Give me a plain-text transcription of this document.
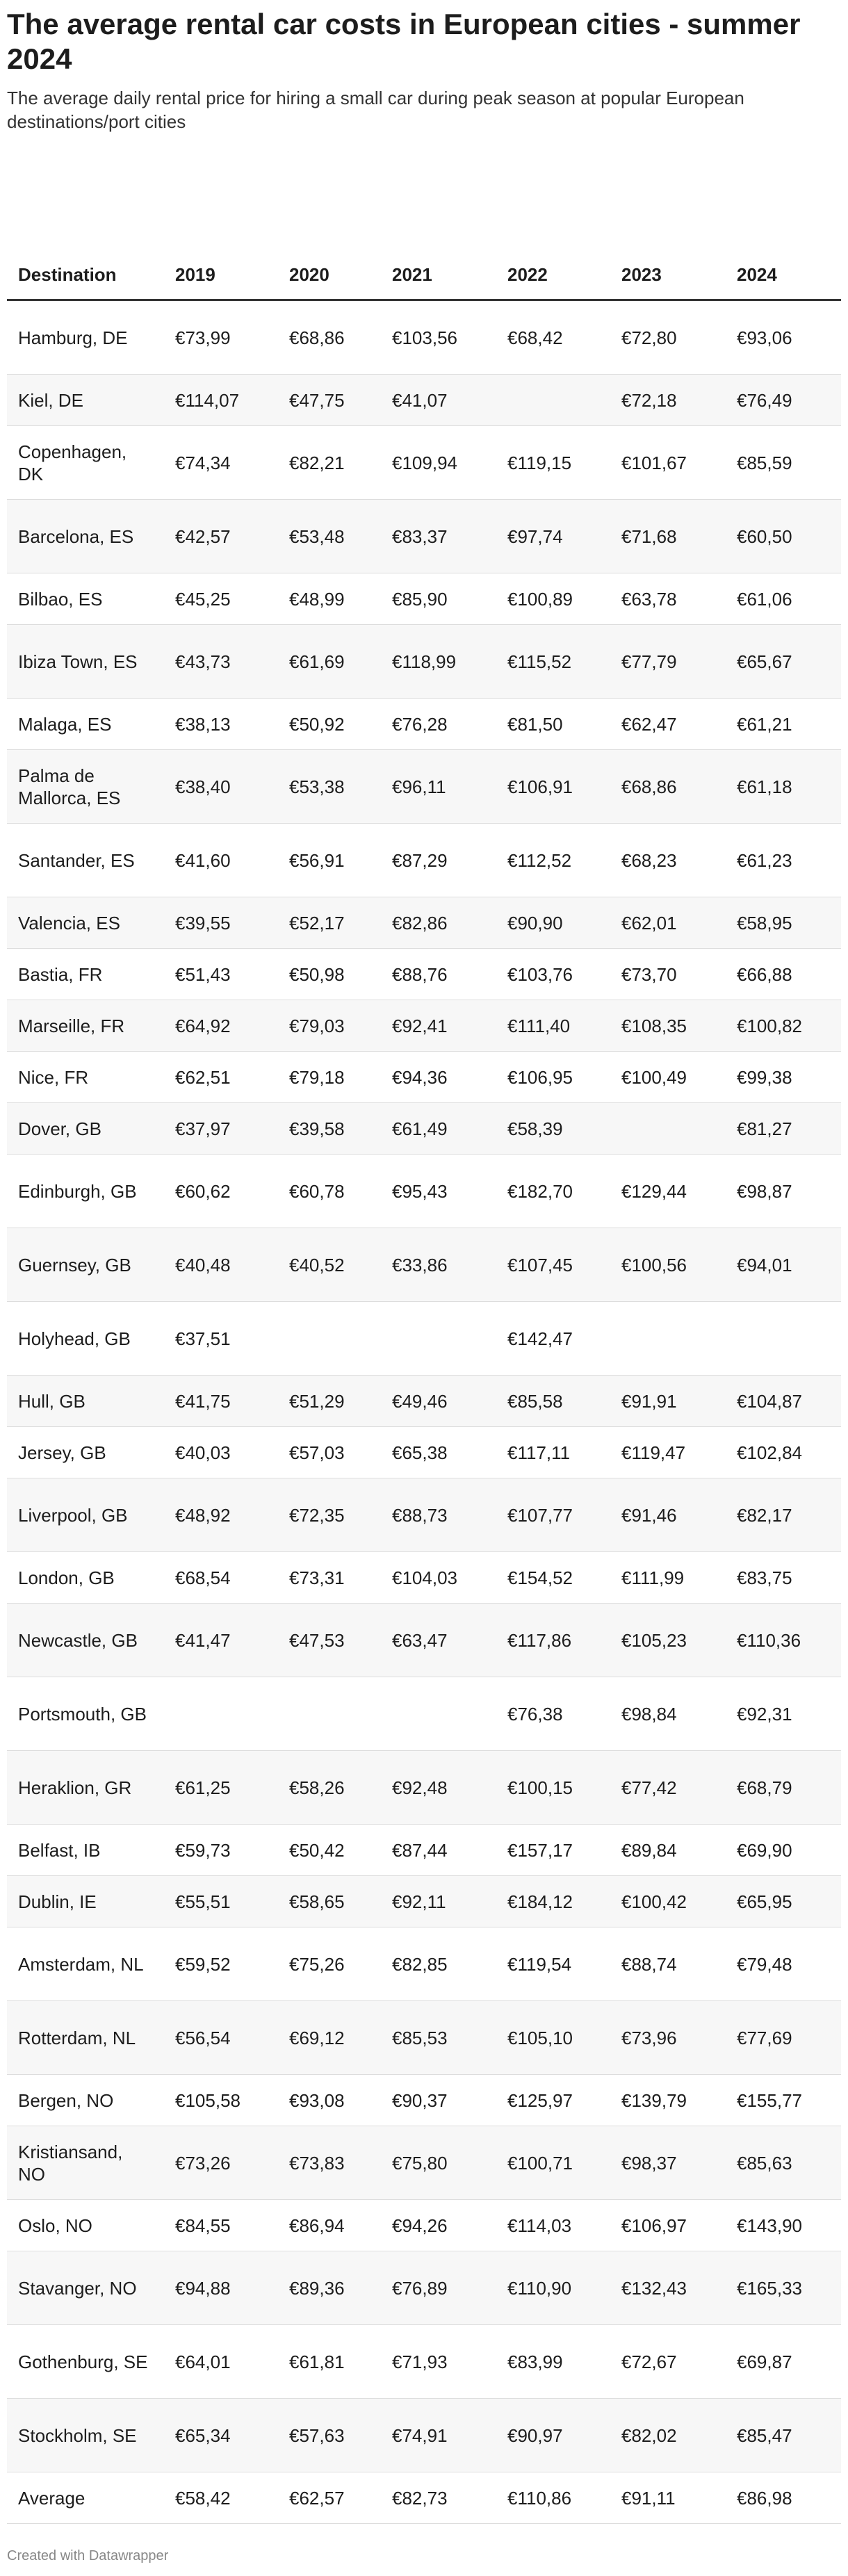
The average rental car costs in European cities - summer 2024

The average daily rental price for hiring a small car during peak season at popular European destinations/port cities

Destination	2019	2020	2021	2022	2023	2024
Hamburg, DE	€73,99	€68,86	€103,56	€68,42	€72,80	€93,06
Kiel, DE	€114,07	€47,75	€41,07		€72,18	€76,49
Copenhagen, DK	€74,34	€82,21	€109,94	€119,15	€101,67	€85,59
Barcelona, ES	€42,57	€53,48	€83,37	€97,74	€71,68	€60,50
Bilbao, ES	€45,25	€48,99	€85,90	€100,89	€63,78	€61,06
Ibiza Town, ES	€43,73	€61,69	€118,99	€115,52	€77,79	€65,67
Malaga, ES	€38,13	€50,92	€76,28	€81,50	€62,47	€61,21
Palma de Mallorca, ES	€38,40	€53,38	€96,11	€106,91	€68,86	€61,18
Santander, ES	€41,60	€56,91	€87,29	€112,52	€68,23	€61,23
Valencia, ES	€39,55	€52,17	€82,86	€90,90	€62,01	€58,95
Bastia, FR	€51,43	€50,98	€88,76	€103,76	€73,70	€66,88
Marseille, FR	€64,92	€79,03	€92,41	€111,40	€108,35	€100,82
Nice, FR	€62,51	€79,18	€94,36	€106,95	€100,49	€99,38
Dover, GB	€37,97	€39,58	€61,49	€58,39		€81,27
Edinburgh, GB	€60,62	€60,78	€95,43	€182,70	€129,44	€98,87
Guernsey, GB	€40,48	€40,52	€33,86	€107,45	€100,56	€94,01
Holyhead, GB	€37,51			€142,47		
Hull, GB	€41,75	€51,29	€49,46	€85,58	€91,91	€104,87
Jersey, GB	€40,03	€57,03	€65,38	€117,11	€119,47	€102,84
Liverpool, GB	€48,92	€72,35	€88,73	€107,77	€91,46	€82,17
London, GB	€68,54	€73,31	€104,03	€154,52	€111,99	€83,75
Newcastle, GB	€41,47	€47,53	€63,47	€117,86	€105,23	€110,36
Portsmouth, GB				€76,38	€98,84	€92,31
Heraklion, GR	€61,25	€58,26	€92,48	€100,15	€77,42	€68,79
Belfast, IB	€59,73	€50,42	€87,44	€157,17	€89,84	€69,90
Dublin, IE	€55,51	€58,65	€92,11	€184,12	€100,42	€65,95
Amsterdam, NL	€59,52	€75,26	€82,85	€119,54	€88,74	€79,48
Rotterdam, NL	€56,54	€69,12	€85,53	€105,10	€73,96	€77,69
Bergen, NO	€105,58	€93,08	€90,37	€125,97	€139,79	€155,77
Kristiansand, NO	€73,26	€73,83	€75,80	€100,71	€98,37	€85,63
Oslo, NO	€84,55	€86,94	€94,26	€114,03	€106,97	€143,90
Stavanger, NO	€94,88	€89,36	€76,89	€110,90	€132,43	€165,33
Gothenburg, SE	€64,01	€61,81	€71,93	€83,99	€72,67	€69,87
Stockholm, SE	€65,34	€57,63	€74,91	€90,97	€82,02	€85,47
Average	€58,42	€62,57	€82,73	€110,86	€91,11	€86,98
Created with Datawrapper
